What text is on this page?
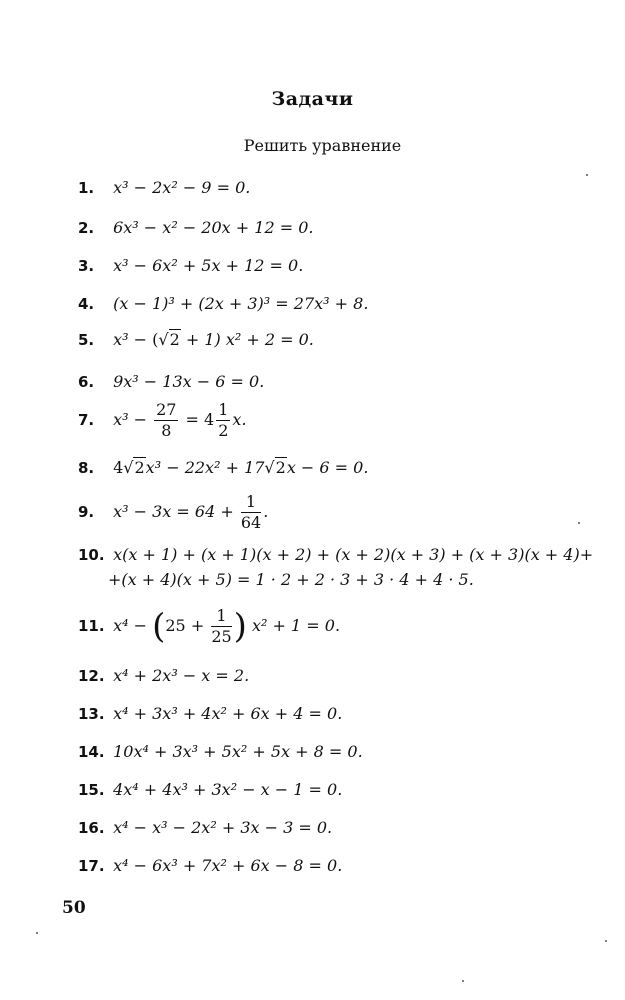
Задачи
Решить уравнение
1. x³ − 2x² − 9 = 0.
2. 6x³ − x² − 20x + 12 = 0.
3. x³ − 6x² + 5x + 12 = 0.
4. (x − 1)³ + (2x + 3)³ = 27x³ + 8.
5. x³ − (√2 + 1) x² + 2 = 0.
6. 9x³ − 13x − 6 = 0.
7. $x^3 - \frac{27}{8} = 4 \frac{1}{2} x$.
8. 4√2x³ − 22x² + 17√2x − 6 = 0.
9. $x^3 - 3x = 64 + \frac{1}{64}$ .
10. x(x + 1) + (x + 1)(x + 2) + (x + 2)(x + 3) + (x + 3)(x + 4)+
+(x + 4)(x + 5) = 1 · 2 + 2 · 3 + 3 · 4 + 4 · 5.
11. $x^4 - (25 + \frac{1}{25}$ ) x² + 1 = 0.
12. x⁴ + 2x³ − x = 2.
13. x⁴ + 3x³ + 4x² + 6x + 4 = 0.
14. 10x⁴ + 3x³ + 5x² + 5x + 8 = 0.
15. 4x⁴ + 4x³ + 3x² − x − 1 = 0.
16. x⁴ − x³ − 2x² + 3x − 3 = 0.
17. x⁴ − 6x³ + 7x² + 6x − 8 = 0.
50
